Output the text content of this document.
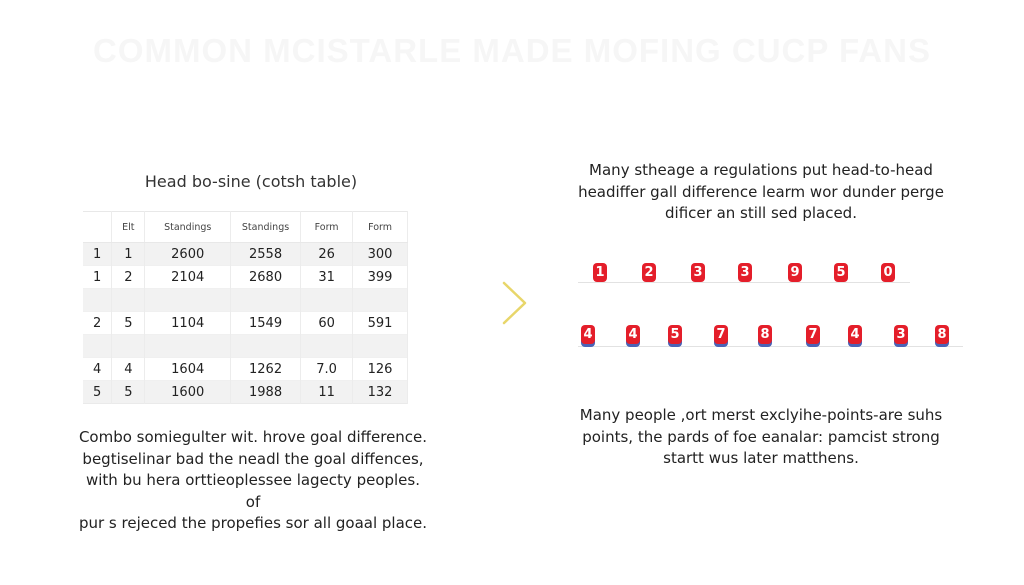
COMMON MCISTARLE MADE MOFING CUCP FANS
Head bo-sine (cotsh table)
	Elt	Standings	Standings	Form	Form
1	1	2600	2558	26	300
1	2	2104	2680	31	399

2	5	1104	1549	60	591

4	4	1604	1262	7.0	126
5	5	1600	1988	11	132
Combo somiegulter wit. hrove goal difference.
begtiselinar bad the neadl the goal diffences,
with bu hera orttieoplessee lagecty peoples. of
pur s rejeced the propefies sor all goaal place.
Many stheage a regulations put head-to-head
headiffer gall difference learm wor dunder perge
dificer an still sed placed.
1	2	3	3	9	5	0
4	4	5	7	8	7	4	3 8
Many people ,ort merst exclyihe-points-are suhs
points, the pards of foe eanalar: pamcist strong
startt wus later matthens.
